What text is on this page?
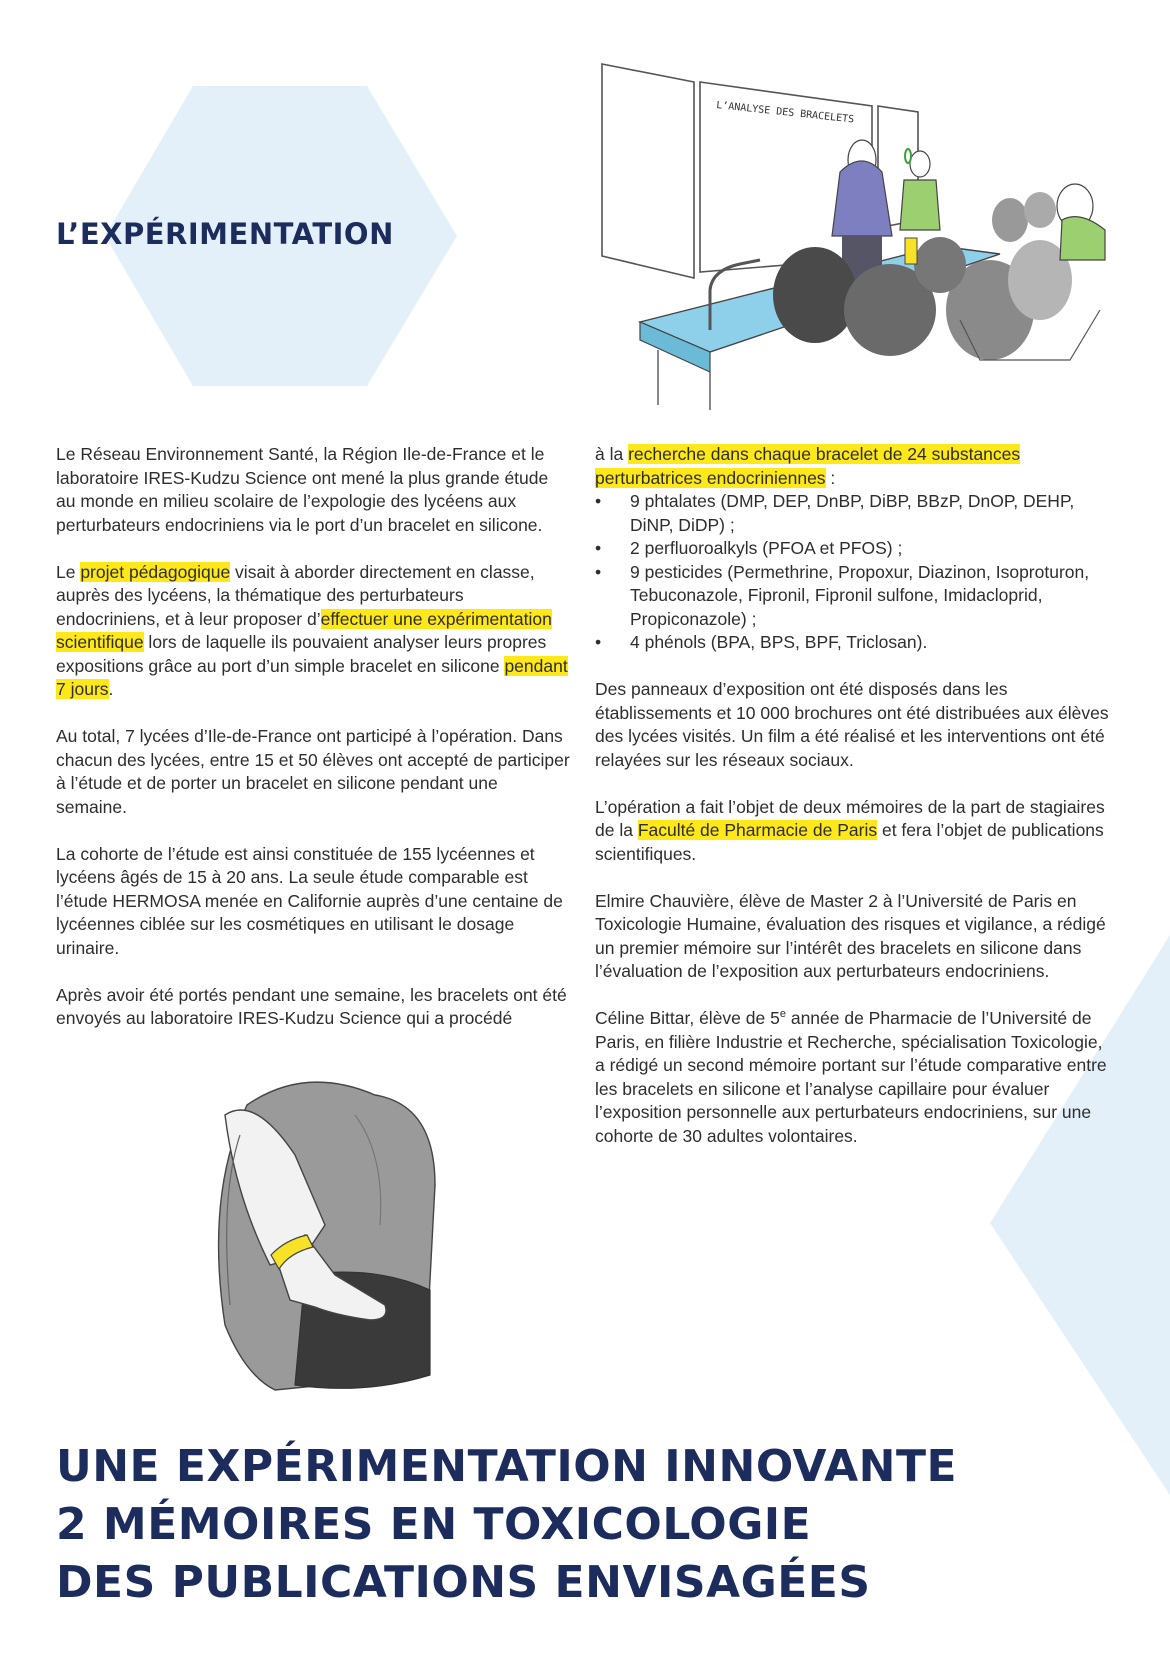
L’EXPÉRIMENTATION
L’ANALYSE DES BRACELETS

Le Réseau Environnement Santé, la Région Ile-de-France et le laboratoire IRES-Kudzu Science ont mené la plus grande étude au monde en milieu scolaire de l’expologie des lycéens aux perturbateurs endocriniens via le port d’un bracelet en silicone.

Le projet pédagogique visait à aborder directement en classe, auprès des lycéens, la thématique des perturbateurs endocriniens, et à leur proposer d’effectuer une expérimentation scientifique lors de laquelle ils pouvaient analyser leurs propres expositions grâce au port d’un simple bracelet en silicone pendant 7 jours.

Au total, 7 lycées d’Ile-de-France ont participé à l’opération. Dans chacun des lycées, entre 15 et 50 élèves ont accepté de participer à l’étude et de porter un bracelet en silicone pendant une semaine.

La cohorte de l’étude est ainsi constituée de 155 lycéennes et lycéens âgés de 15 à 20 ans. La seule étude comparable est l’étude HERMOSA menée en Californie auprès d’une centaine de lycéennes ciblée sur les cosmétiques en utilisant le dosage urinaire.

Après avoir été portés pendant une semaine, les bracelets ont été envoyés au laboratoire IRES-Kudzu Science qui a procédé

à la recherche dans chaque bracelet de 24 substances perturbatrices endocriniennes :

• 9 phtalates (DMP, DEP, DnBP, DiBP, BBzP, DnOP, DEHP, DiNP, DiDP) ;
• 2 perfluoroalkyls (PFOA et PFOS) ;
• 9 pesticides (Permethrine, Propoxur, Diazinon, Isoproturon, Tebuconazole, Fipronil, Fipronil sulfone, Imidacloprid, Propiconazole) ;
• 4 phénols (BPA, BPS, BPF, Triclosan).

Des panneaux d’exposition ont été disposés dans les établissements et 10 000 brochures ont été distribuées aux élèves des lycées visités. Un film a été réalisé et les interventions ont été relayées sur les réseaux sociaux.

L’opération a fait l’objet de deux mémoires de la part de stagiaires de la Faculté de Pharmacie de Paris et fera l’objet de publications scientifiques.

Elmire Chauvière, élève de Master 2 à l’Université de Paris en Toxicologie Humaine, évaluation des risques et vigilance, a rédigé un premier mémoire sur l’intérêt des bracelets en silicone dans l’évaluation de l’exposition aux perturbateurs endocriniens.

Céline Bittar, élève de 5e année de Pharmacie de l’Université de Paris, en filière Industrie et Recherche, spécialisation Toxicologie, a rédigé un second mémoire portant sur l’étude comparative entre les bracelets en silicone et l’analyse capillaire pour évaluer l’exposition personnelle aux perturbateurs endocriniens, sur une cohorte de 30 adultes volontaires.

UNE EXPÉRIMENTATION INNOVANTE
2 MÉMOIRES EN TOXICOLOGIE
DES PUBLICATIONS ENVISAGÉES
